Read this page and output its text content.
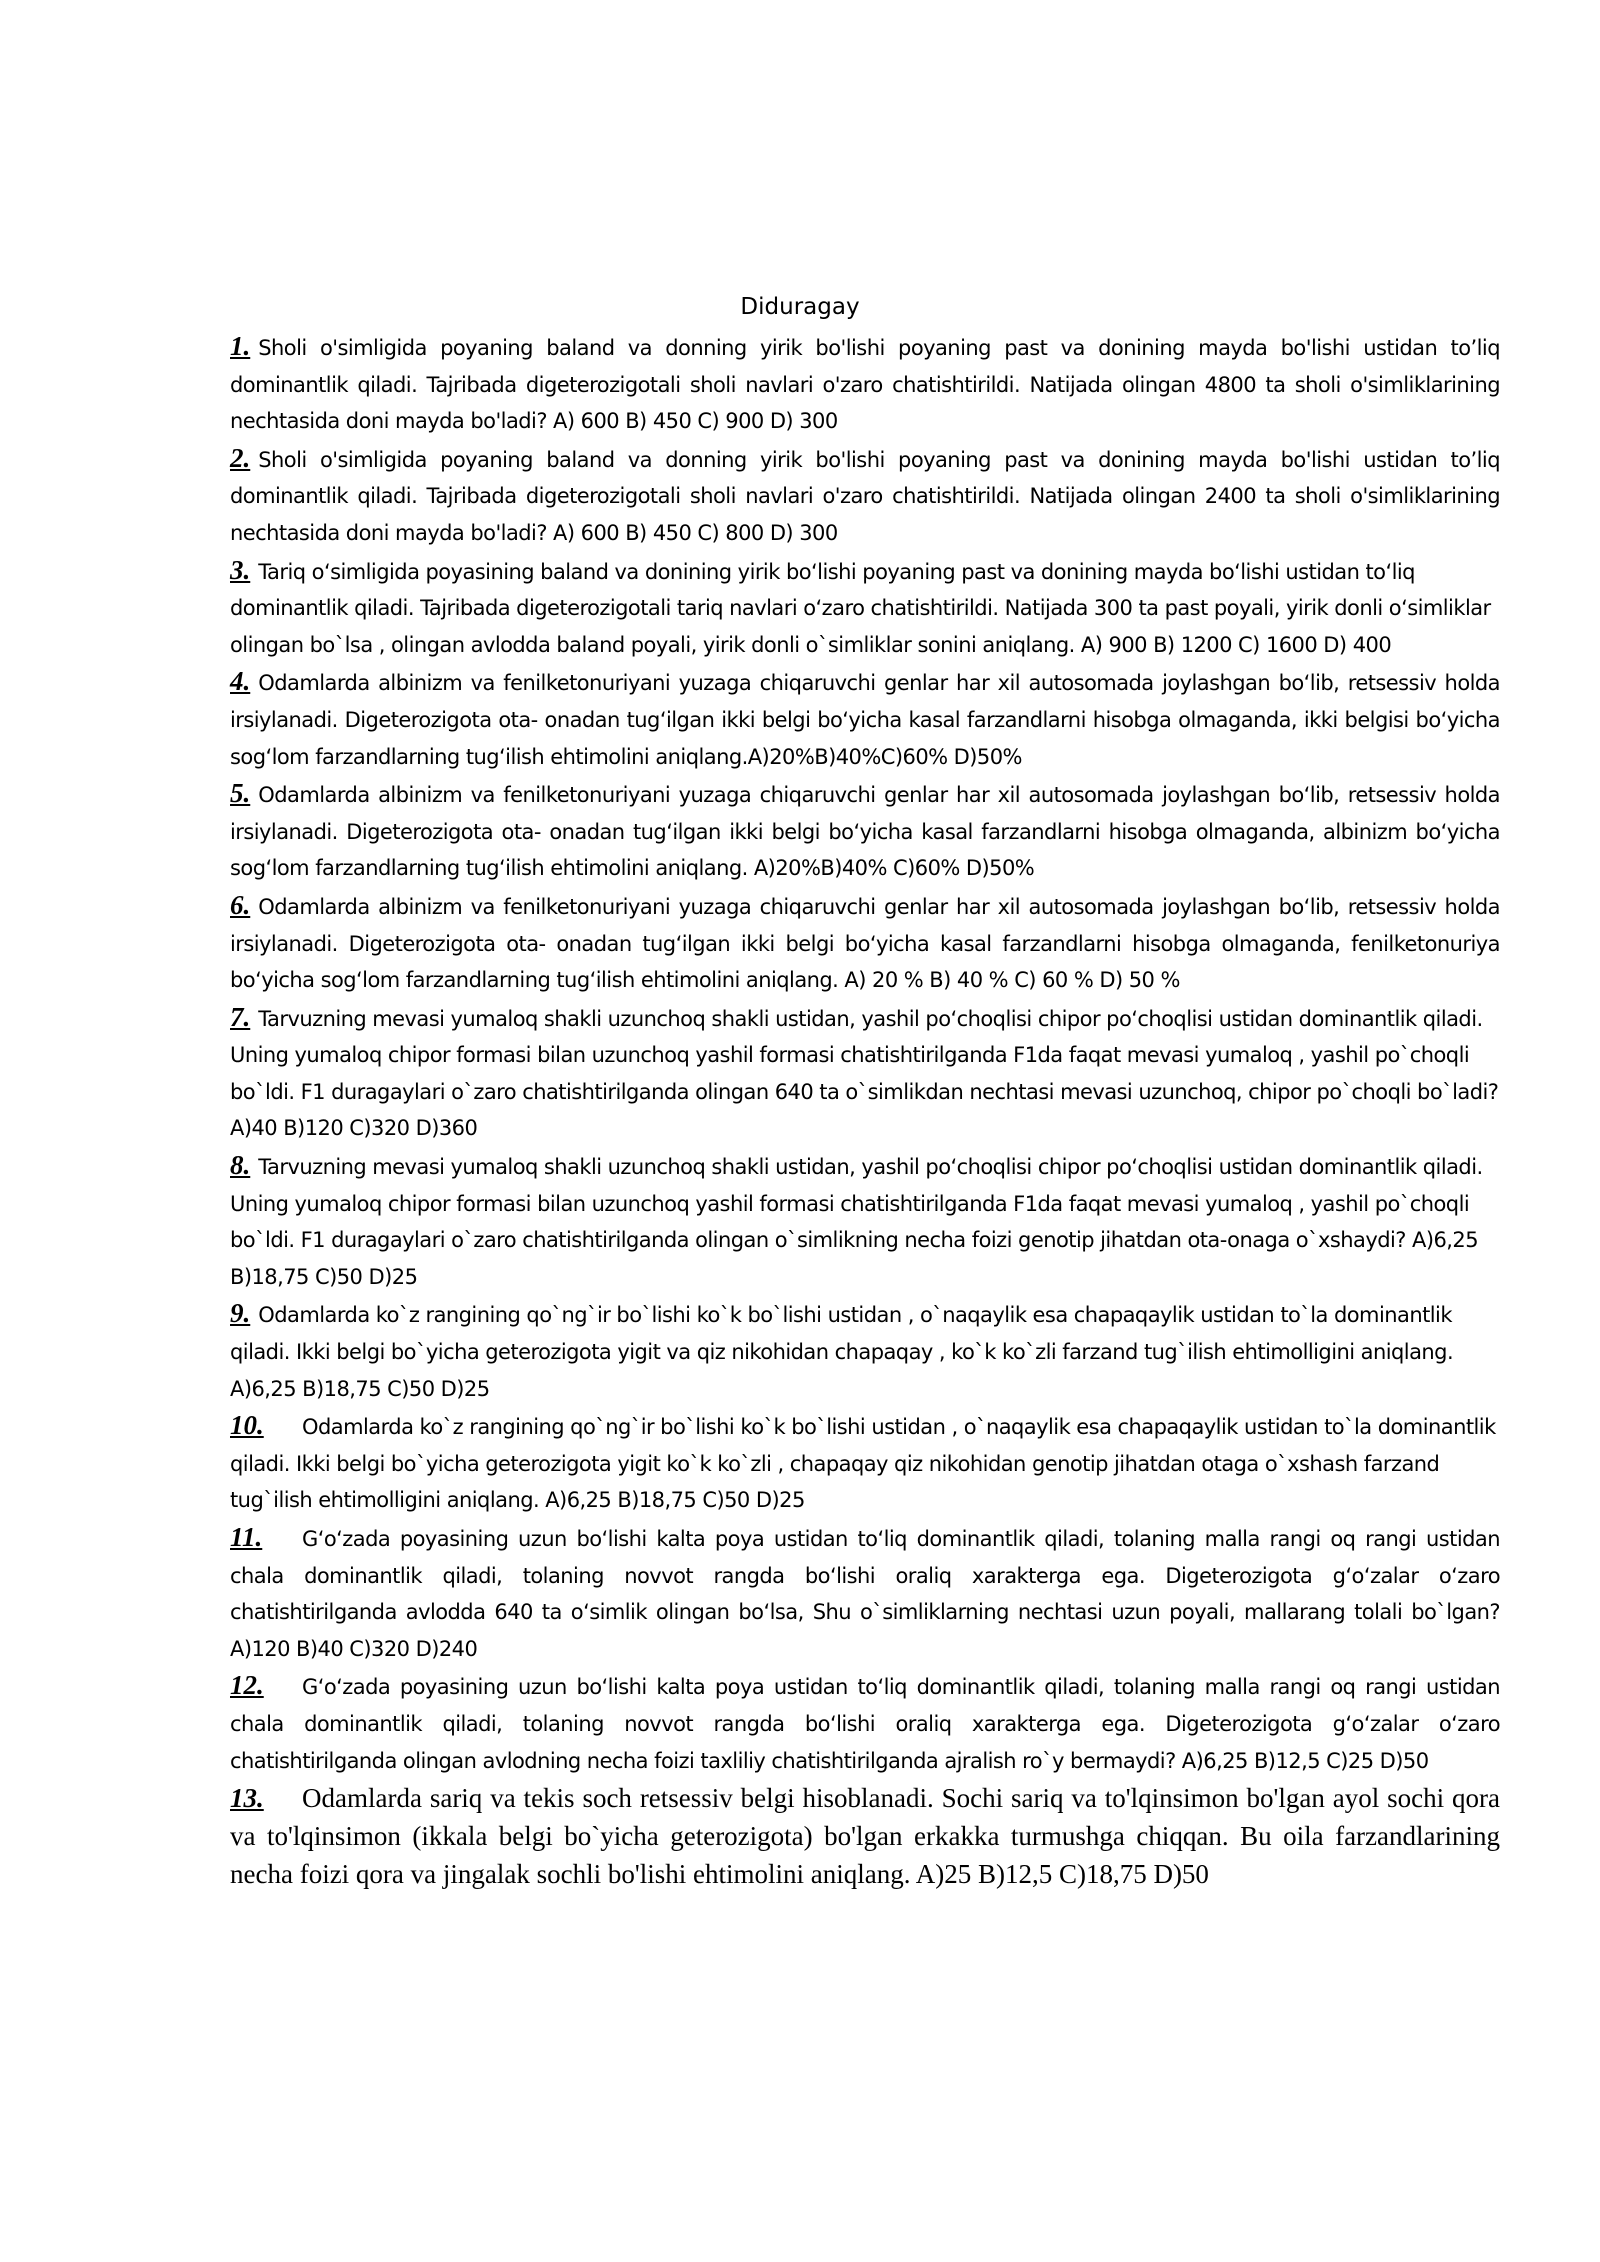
Diduragay

1. Sholi o'simligida poyaning baland va donning yirik bo'lishi poyaning past va donining mayda bo'lishi ustidan to’liq dominantlik qiladi. Tajribada digeterozigotali sholi navlari o'zaro chatishtirildi. Natijada olingan 4800 ta sholi o'simliklarining nechtasida doni mayda bo'ladi? A) 600 B) 450 C) 900 D) 300

2. Sholi o'simligida poyaning baland va donning yirik bo'lishi poyaning past va donining mayda bo'lishi ustidan to’liq dominantlik qiladi. Tajribada digeterozigotali sholi navlari o'zaro chatishtirildi. Natijada olingan 2400 ta sholi o'simliklarining nechtasida doni mayda bo'ladi? A) 600 B) 450 C) 800 D) 300

3. Tariq o‘simligida poyasining baland va donining yirik bo‘lishi poyaning past va donining mayda bo‘lishi ustidan to‘liq dominantlik qiladi. Tajribada digeterozigotali tariq navlari o‘zaro chatishtirildi. Natijada 300 ta past poyali, yirik donli o‘simliklar olingan bo`lsa , olingan avlodda baland poyali, yirik donli o`simliklar sonini aniqlang. A) 900 B) 1200 C) 1600 D) 400

4. Odamlarda albinizm va fenilketonuriyani yuzaga chiqaruvchi genlar har xil autosomada joylashgan bo‘lib, retsessiv holda irsiylanadi. Digeterozigota ota- onadan tug‘ilgan ikki belgi bo‘yicha kasal farzandlarni hisobga olmaganda, ikki belgisi bo‘yicha sog‘lom farzandlarning tug‘ilish ehtimolini aniqlang.A)20%B)40%C)60% D)50%

5. Odamlarda albinizm va fenilketonuriyani yuzaga chiqaruvchi genlar har xil autosomada joylashgan bo‘lib, retsessiv holda irsiylanadi. Digeterozigota ota- onadan tug‘ilgan ikki belgi bo‘yicha kasal farzandlarni hisobga olmaganda, albinizm bo‘yicha sog‘lom farzandlarning tug‘ilish ehtimolini aniqlang. A)20%B)40% C)60% D)50%

6. Odamlarda albinizm va fenilketonuriyani yuzaga chiqaruvchi genlar har xil autosomada joylashgan bo‘lib, retsessiv holda irsiylanadi. Digeterozigota ota- onadan tug‘ilgan ikki belgi bo‘yicha kasal farzandlarni hisobga olmaganda, fenilketonuriya bo‘yicha sog‘lom farzandlarning tug‘ilish ehtimolini aniqlang. A) 20 % B) 40 % C) 60 % D) 50 %

7. Tarvuzning mevasi yumaloq shakli uzunchoq shakli ustidan, yashil po‘choqlisi chipor po‘choqlisi ustidan dominantlik qiladi. Uning yumaloq chipor formasi bilan uzunchoq yashil formasi chatishtirilganda F1da faqat mevasi yumaloq , yashil po`choqli bo`ldi. F1 duragaylari o`zaro chatishtirilganda olingan 640 ta o`simlikdan nechtasi mevasi uzunchoq, chipor po`choqli bo`ladi? A)40 B)120 C)320 D)360

8. Tarvuzning mevasi yumaloq shakli uzunchoq shakli ustidan, yashil po‘choqlisi chipor po‘choqlisi ustidan dominantlik qiladi. Uning yumaloq chipor formasi bilan uzunchoq yashil formasi chatishtirilganda F1da faqat mevasi yumaloq , yashil po`choqli bo`ldi. F1 duragaylari o`zaro chatishtirilganda olingan o`simlikning necha foizi genotip jihatdan ota-onaga o`xshaydi? A)6,25 B)18,75 C)50 D)25

9. Odamlarda ko`z rangining qo`ng`ir bo`lishi ko`k bo`lishi ustidan , o`naqaylik esa chapaqaylik ustidan to`la dominantlik qiladi. Ikki belgi bo`yicha geterozigota yigit va qiz nikohidan chapaqay , ko`k ko`zli farzand tug`ilish ehtimolligini aniqlang. A)6,25 B)18,75 C)50 D)25

10. Odamlarda ko`z rangining qo`ng`ir bo`lishi ko`k bo`lishi ustidan , o`naqaylik esa chapaqaylik ustidan to`la dominantlik qiladi. Ikki belgi bo`yicha geterozigota yigit ko`k ko`zli , chapaqay qiz nikohidan genotip jihatdan otaga o`xshash farzand tug`ilish ehtimolligini aniqlang. A)6,25 B)18,75 C)50 D)25

11. G‘o‘zada poyasining uzun bo‘lishi kalta poya ustidan to‘liq dominantlik qiladi, tolaning malla rangi oq rangi ustidan chala dominantlik qiladi, tolaning novvot rangda bo‘lishi oraliq xarakterga ega. Digeterozigota g‘o‘zalar o‘zaro chatishtirilganda avlodda 640 ta o‘simlik olingan bo‘lsa, Shu o`simliklarning nechtasi uzun poyali, mallarang tolali bo`lgan? A)120 B)40 C)320 D)240

12. G‘o‘zada poyasining uzun bo‘lishi kalta poya ustidan to‘liq dominantlik qiladi, tolaning malla rangi oq rangi ustidan chala dominantlik qiladi, tolaning novvot rangda bo‘lishi oraliq xarakterga ega. Digeterozigota g‘o‘zalar o‘zaro chatishtirilganda olingan avlodning necha foizi taxliliy chatishtirilganda ajralish ro`y bermaydi? A)6,25 B)12,5 C)25 D)50

13. Odamlarda sariq va tekis soch retsessiv belgi hisoblanadi. Sochi sariq va to'lqinsimon bo'lgan ayol sochi qora va to'lqinsimon (ikkala belgi bo`yicha geterozigota) bo'lgan erkakka turmushga chiqqan. Bu oila farzandlarining necha foizi qora va jingalak sochli bo'lishi ehtimolini aniqlang. A)25 B)12,5 C)18,75 D)50
